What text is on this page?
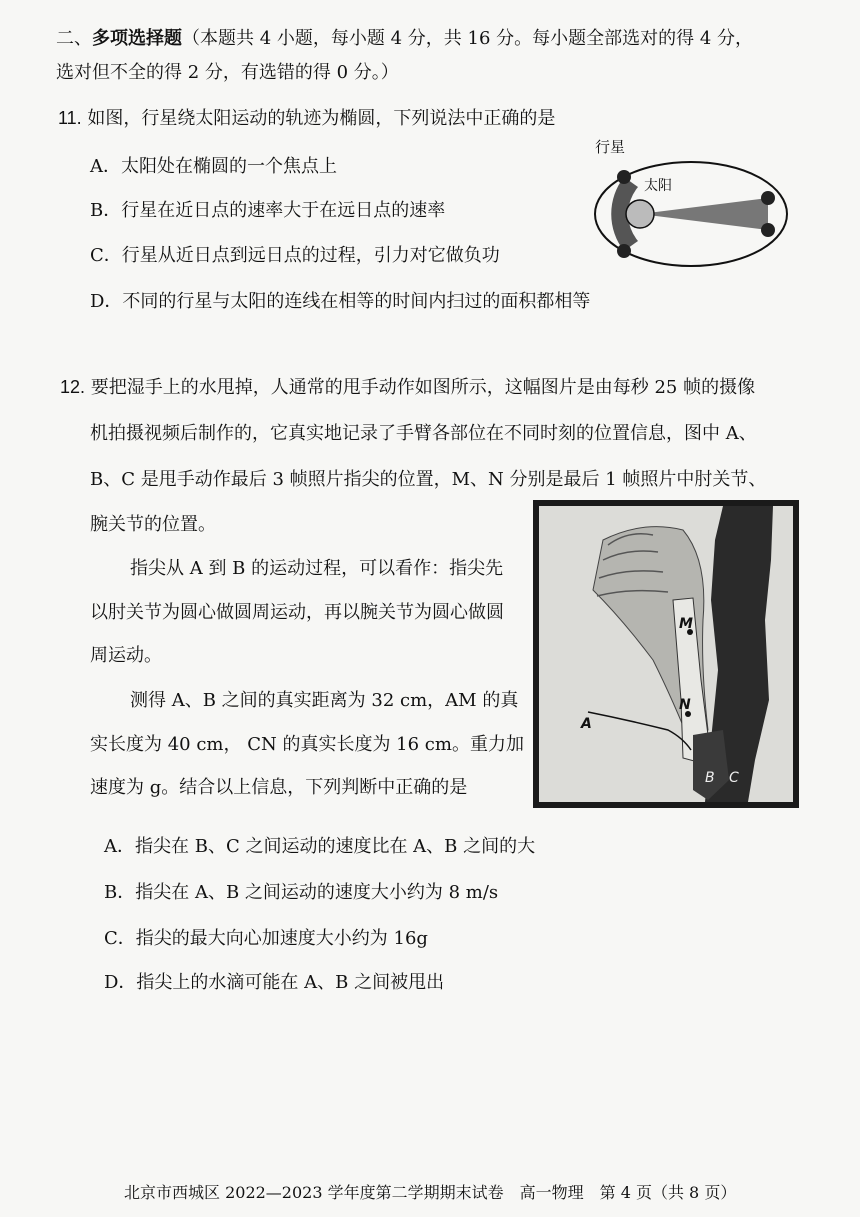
二、多项选择题（本题共 4 小题，每小题 4 分，共 16 分。每小题全部选对的得 4 分，
选对但不全的得 2 分，有选错的得 0 分。）
11. 如图，行星绕太阳运动的轨迹为椭圆，下列说法中正确的是
A．太阳处在椭圆的一个焦点上
B．行星在近日点的速率大于在远日点的速率
C．行星从近日点到远日点的过程，引力对它做负功
D．不同的行星与太阳的连线在相等的时间内扫过的面积都相等
行星
太阳
12. 要把湿手上的水甩掉，人通常的甩手动作如图所示，这幅图片是由每秒 25 帧的摄像
机拍摄视频后制作的，它真实地记录了手臂各部位在不同时刻的位置信息，图中 A、
B、C 是甩手动作最后 3 帧照片指尖的位置，M、N 分别是最后 1 帧照片中肘关节、
腕关节的位置。
指尖从 A 到 B 的运动过程，可以看作：指尖先
以肘关节为圆心做圆周运动，再以腕关节为圆心做圆
周运动。
测得 A、B 之间的真实距离为 32 cm，AM 的真
实长度为 40 cm， CN 的真实长度为 16 cm。重力加
速度为 g。结合以上信息，下列判断中正确的是
M
N
A
B C
A．指尖在 B、C 之间运动的速度比在 A、B 之间的大
B．指尖在 A、B 之间运动的速度大小约为 8 m/s
C．指尖的最大向心加速度大小约为 16g
D．指尖上的水滴可能在 A、B 之间被甩出
北京市西城区 2022—2023 学年度第二学期期末试卷　高一物理　第 4 页（共 8 页）
